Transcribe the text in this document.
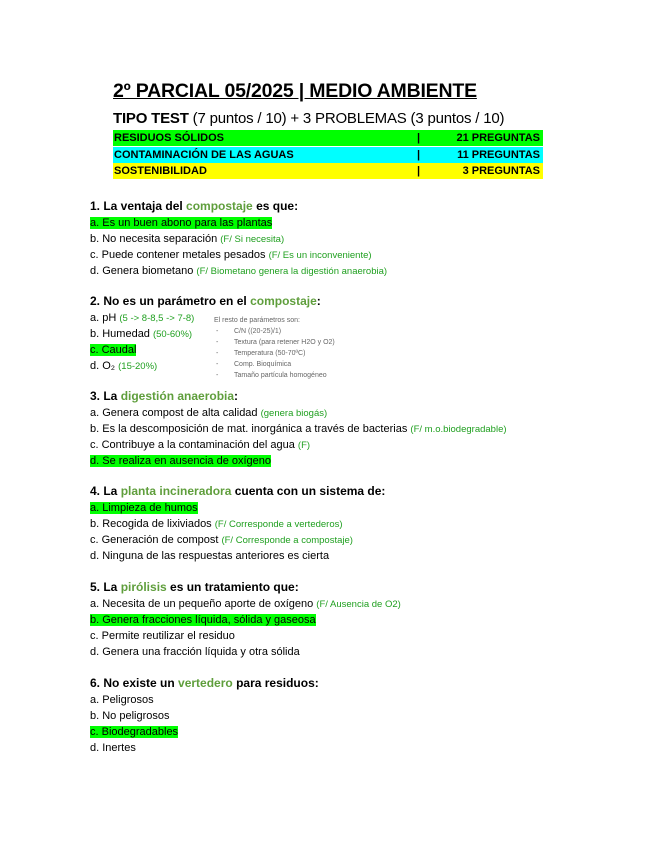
2º PARCIAL 05/2025 | MEDIO AMBIENTE
TIPO TEST (7 puntos / 10) + 3 PROBLEMAS (3 puntos / 10)
RESIDUOS SÓLIDOS	|	21 PREGUNTAS
CONTAMINACIÓN DE LAS AGUAS	|	11 PREGUNTAS
SOSTENIBILIDAD	|	3 PREGUNTAS
1. La ventaja del compostaje es que:
a. Es un buen abono para las plantas
b. No necesita separación (F/ Si necesita)
c. Puede contener metales pesados (F/ Es un inconveniente)
d. Genera biometano (F/ Biometano genera la digestión anaerobia)
2. No es un parámetro en el compostaje:
a. pH (5 -> 8-8,5 -> 7-8)
b. Humedad (50-60%)
c. Caudal
d. O₂ (15-20%)
El resto de parámetros son:
- C/N ((20-25)/1)
- Textura (para retener H2O y O2)
- Temperatura (50-70ºC)
- Comp. Bioquímica
- Tamaño partícula homogéneo
3. La digestión anaerobia:
a. Genera compost de alta calidad (genera biogás)
b. Es la descomposición de mat. inorgánica a través de bacterias (F/ m.o.biodegradable)
c. Contribuye a la contaminación del agua (F)
d. Se realiza en ausencia de oxígeno
4. La planta incineradora cuenta con un sistema de:
a. Limpieza de humos
b. Recogida de lixiviados (F/ Corresponde a vertederos)
c. Generación de compost (F/ Corresponde a compostaje)
d. Ninguna de las respuestas anteriores es cierta
5. La pirólisis es un tratamiento que:
a. Necesita de un pequeño aporte de oxígeno (F/ Ausencia de O2)
b. Genera fracciones líquida, sólida y gaseosa
c. Permite reutilizar el residuo
d. Genera una fracción líquida y otra sólida
6. No existe un vertedero para residuos:
a. Peligrosos
b. No peligrosos
c. Biodegradables
d. Inertes
